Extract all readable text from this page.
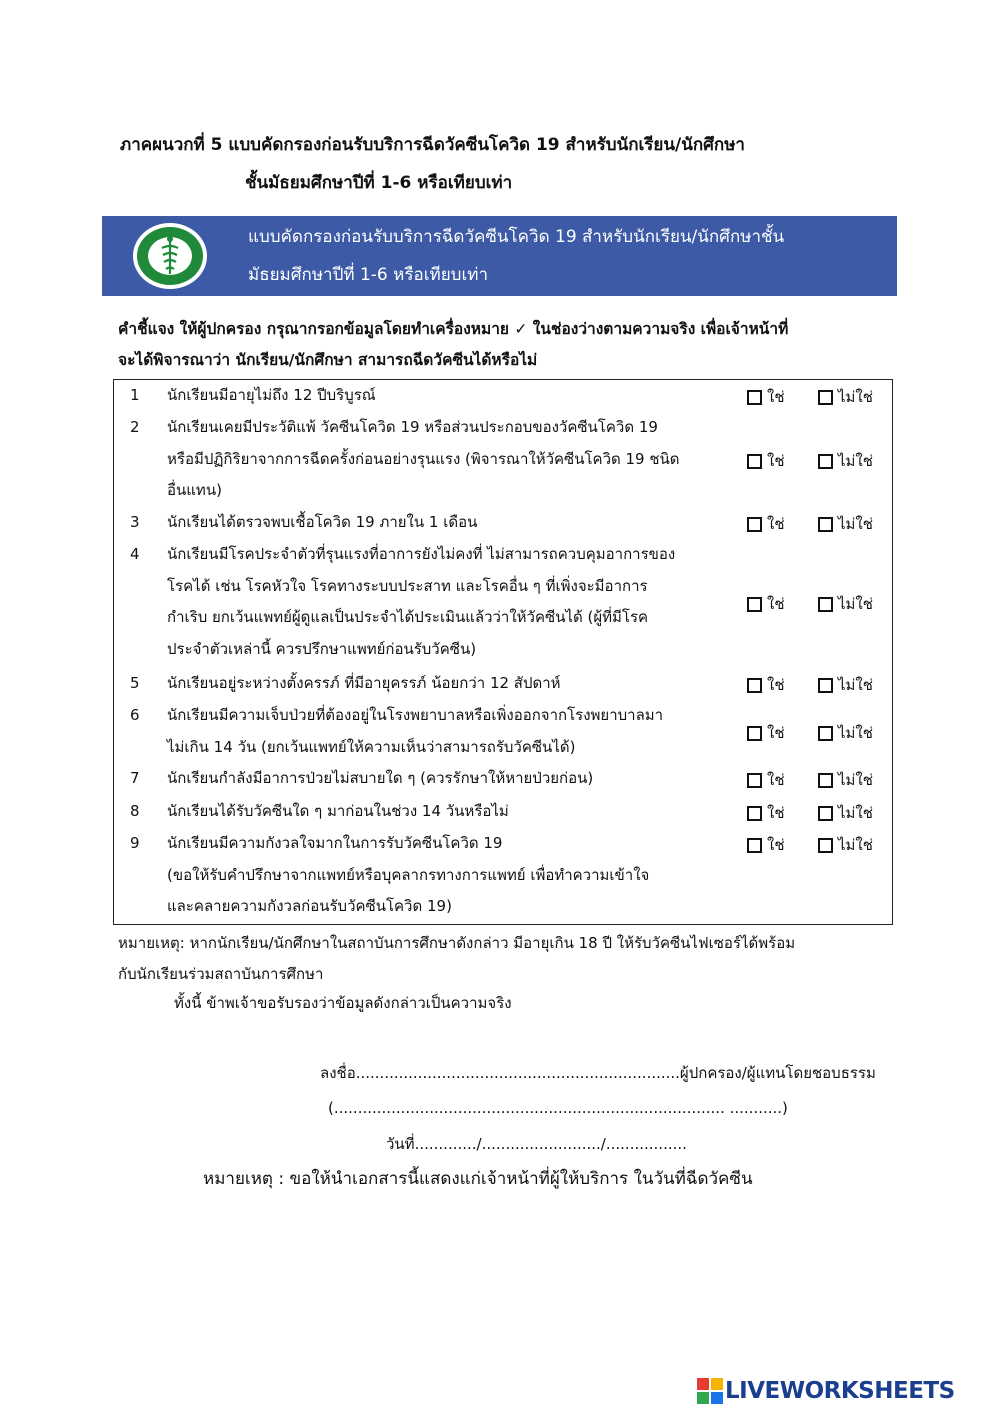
ภาคผนวกที่ 5 แบบคัดกรองก่อนรับบริการฉีดวัคซีนโควิด 19 สำหรับนักเรียน/นักศึกษา
ชั้นมัธยมศึกษาปีที่ 1-6 หรือเทียบเท่า
แบบคัดกรองก่อนรับบริการฉีดวัคซีนโควิด 19 สำหรับนักเรียน/นักศึกษาชั้น
มัธยมศึกษาปีที่ 1-6 หรือเทียบเท่า
คำชี้แจง ให้ผู้ปกครอง กรุณากรอกข้อมูลโดยทำเครื่องหมาย ✓ ในช่องว่างตามความจริง เพื่อเจ้าหน้าที่
จะได้พิจารณาว่า นักเรียน/นักศึกษา สามารถฉีดวัคซีนได้หรือไม่
1 นักเรียนมีอายุไม่ถึง 12 ปีบริบูรณ์	ใช่	ไม่ใช่
2 นักเรียนเคยมีประวัติแพ้ วัคซีนโควิด 19 หรือส่วนประกอบของวัคซีนโควิด 19
หรือมีปฏิกิริยาจากการฉีดครั้งก่อนอย่างรุนแรง (พิจารณาให้วัคซีนโควิด 19 ชนิด
อื่นแทน)
ใช่	ไม่ใช่
3 นักเรียนได้ตรวจพบเชื้อโควิด 19 ภายใน 1 เดือน	ใช่	ไม่ใช่
4 นักเรียนมีโรคประจำตัวที่รุนแรงที่อาการยังไม่คงที่ ไม่สามารถควบคุมอาการของ
โรคได้ เช่น โรคหัวใจ โรคทางระบบประสาท และโรคอื่น ๆ ที่เพิ่งจะมีอาการ
กำเริบ ยกเว้นแพทย์ผู้ดูแลเป็นประจำได้ประเมินแล้วว่าให้วัคซีนได้ (ผู้ที่มีโรค
ประจำตัวเหล่านี้ ควรปรึกษาแพทย์ก่อนรับวัคซีน)
ใช่	ไม่ใช่
5 นักเรียนอยู่ระหว่างตั้งครรภ์ ที่มีอายุครรภ์ น้อยกว่า 12 สัปดาห์	ใช่	ไม่ใช่
6 นักเรียนมีความเจ็บป่วยที่ต้องอยู่ในโรงพยาบาลหรือเพิ่งออกจากโรงพยาบาลมา
ไม่เกิน 14 วัน (ยกเว้นแพทย์ให้ความเห็นว่าสามารถรับวัคซีนได้)
ใช่	ไม่ใช่
7 นักเรียนกำลังมีอาการป่วยไม่สบายใด ๆ (ควรรักษาให้หายป่วยก่อน)	ใช่	ไม่ใช่
8 นักเรียนได้รับวัคซีนใด ๆ มาก่อนในช่วง 14 วันหรือไม่	ใช่	ไม่ใช่
9 นักเรียนมีความกังวลใจมากในการรับวัคซีนโควิด 19
(ขอให้รับคำปรึกษาจากแพทย์หรือบุคลากรทางการแพทย์ เพื่อทำความเข้าใจ
และคลายความกังวลก่อนรับวัคซีนโควิด 19)
ใช่	ไม่ใช่
หมายเหตุ: หากนักเรียน/นักศึกษาในสถาบันการศึกษาดังกล่าว มีอายุเกิน 18 ปี ให้รับวัคซีนไฟเซอร์ได้พร้อม
กับนักเรียนร่วมสถาบันการศึกษา
ทั้งนี้ ข้าพเจ้าขอรับรองว่าข้อมูลดังกล่าวเป็นความจริง
ลงชื่อ....................................................................ผู้ปกครอง/ผู้แทนโดยชอบธรรม
(.................................................................................. ...........)
วันที่............./........................./.................
หมายเหตุ : ขอให้นำเอกสารนี้แสดงแก่เจ้าหน้าที่ผู้ให้บริการ ในวันที่ฉีดวัคซีน
LIVEWORKSHEETS
